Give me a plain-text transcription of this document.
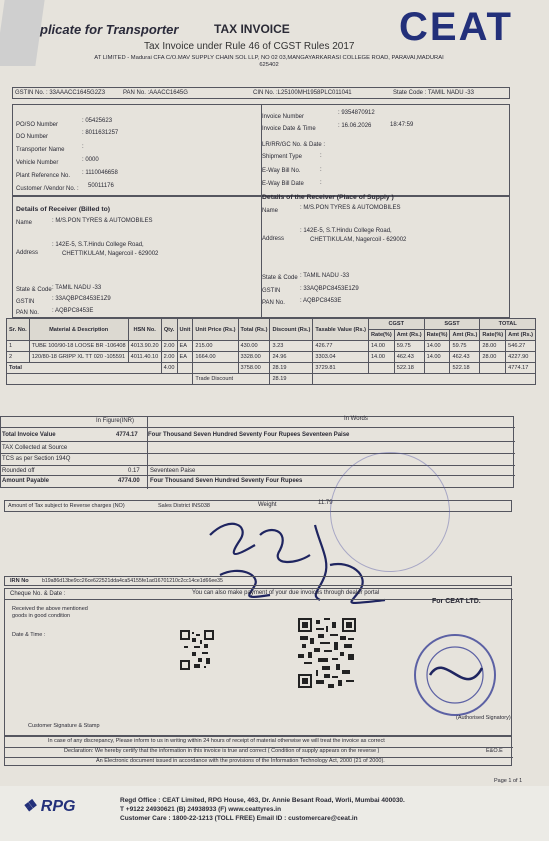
plicate for Transporter	TAX INVOICE
Tax Invoice under Rule 46 of CGST Rules 2017 CEAT
AT LIMITED - Madurai CFA C/O.MAV SUPPLY CHAIN SOL LLP, NO 02 03,MANGAYARKARASI COLLEGE ROAD, PARAVAI,MADURAI
625402
GSTIN No. : 33AAACC1645G2Z3	PAN No. :AAACC1645G	CIN No. :L25100MH1958PLC011041	State Code : TAMIL NADU -33
PO/SO Number
: 05425623
DO Number
: 8011631257
Transporter Name	:
Vehicle Number	: 0000
Plant Reference No. : 1110046658
Customer /Vendor No. : 50011176
Invoice Number
: 9354870912
Invoice Date & Time	: 16.06.2026	18:47:59
LR/RR/GC No. & Date :
Shipment Type	:
E-Way Bill No.	:
E-Way Bill Date	:
Details of Receiver (Billed to)
Name	: M/S.PON TYRES & AUTOMOBILES
Address
: 142E-5, S.T.Hindu College Road,
CHETTIKULAM, Nagercoil - 629002
State & Code : TAMIL NADU -33
GSTIN	: 33AQBPC8453E1Z9
PAN No. : AQBPC8453E
Details of the Receiver (Place of Supply )
Name	: M/S.PON TYRES & AUTOMOBILES
Address
: 142E-5, S.T.Hindu College Road,
CHETTIKULAM, Nagercoil - 629002
State & Code : TAMIL NADU -33
GSTIN	: 33AQBPC8453E1Z9
PAN No.	: AQBPC8453E
Sr. No.	Material & Description	HSN No.	Qty.	Unit	Unit Price (Rs.)	Total (Rs.)	Discount (Rs.)	Taxable Value (Rs.)	CGST		SGST		TOTAL	
									Rate(%)	Amt (Rs.)	Rate(%)	Amt (Rs.)	Rate(%)	Amt (Rs.)
1	TUBE 100/90-18 LOOSE BR -106408	4013.90.20	2.00	EA	215.00	430.00	3.23	426.77	14.00	59.75	14.00	59.75	28.00	546.27
2	120/80-18 GRIPP XL TT 020 -105591	4011.40.10	2.00	EA	1664.00	3328.00	24.96	3303.04	14.00	462.43	14.00	462.43	28.00	4227.90
Total			4.00			3758.00	28.19	3729.81		522.18		522.18		4774.17
					Trade Discount		28.19							
In Figure(INR)	In Words
Total Invoice Value	4774.17 Four Thousand Seven Hundred Seventy Four Rupees Seventeen Paise
TAX Collected at Source
TCS as per Section 194Q
Rounded off	0.17 Seventeen Paise
Amount Payable	4774.00 Four Thousand Seven Hundred Seventy Four Rupees
Amount of Tax subject to Reverse charges (NO)	Sales District INS038	Weight	11.79
IRN No	b19a86d13be9cc26ce622521dda4ca54155fe1ad16701210c2cc14ce1d66ee35
Cheque No. & Date :	You can also make payment of your due invoices through dealer portal
For CEAT LTD.
Received the above mentioned
goods in good condition
Date & Time :
(Authorised Signatory)
Customer Signature & Stamp
In case of any discrepancy, Please inform to us in writing within 24 hours of receipt of material otherwise we will treat the invoice as correct
Declaration: We hereby certify that the information in this invoice is true and correct ( Condition of supply appears on the reverse )	E&O.E
An Electronic document issued in accordance with the provisions of the Information Technology Act, 2000 (21 of 2000).
Page 1 of 1
❖ RPG	Regd Office : CEAT Limited, RPG House, 463, Dr. Annie Besant Road, Worli, Mumbai 400030.
T +9122 24930621 (B) 24938933 (F) www.ceattyres.in
Customer Care : 1800-22-1213 (TOLL FREE) Email ID : customercare@ceat.in
